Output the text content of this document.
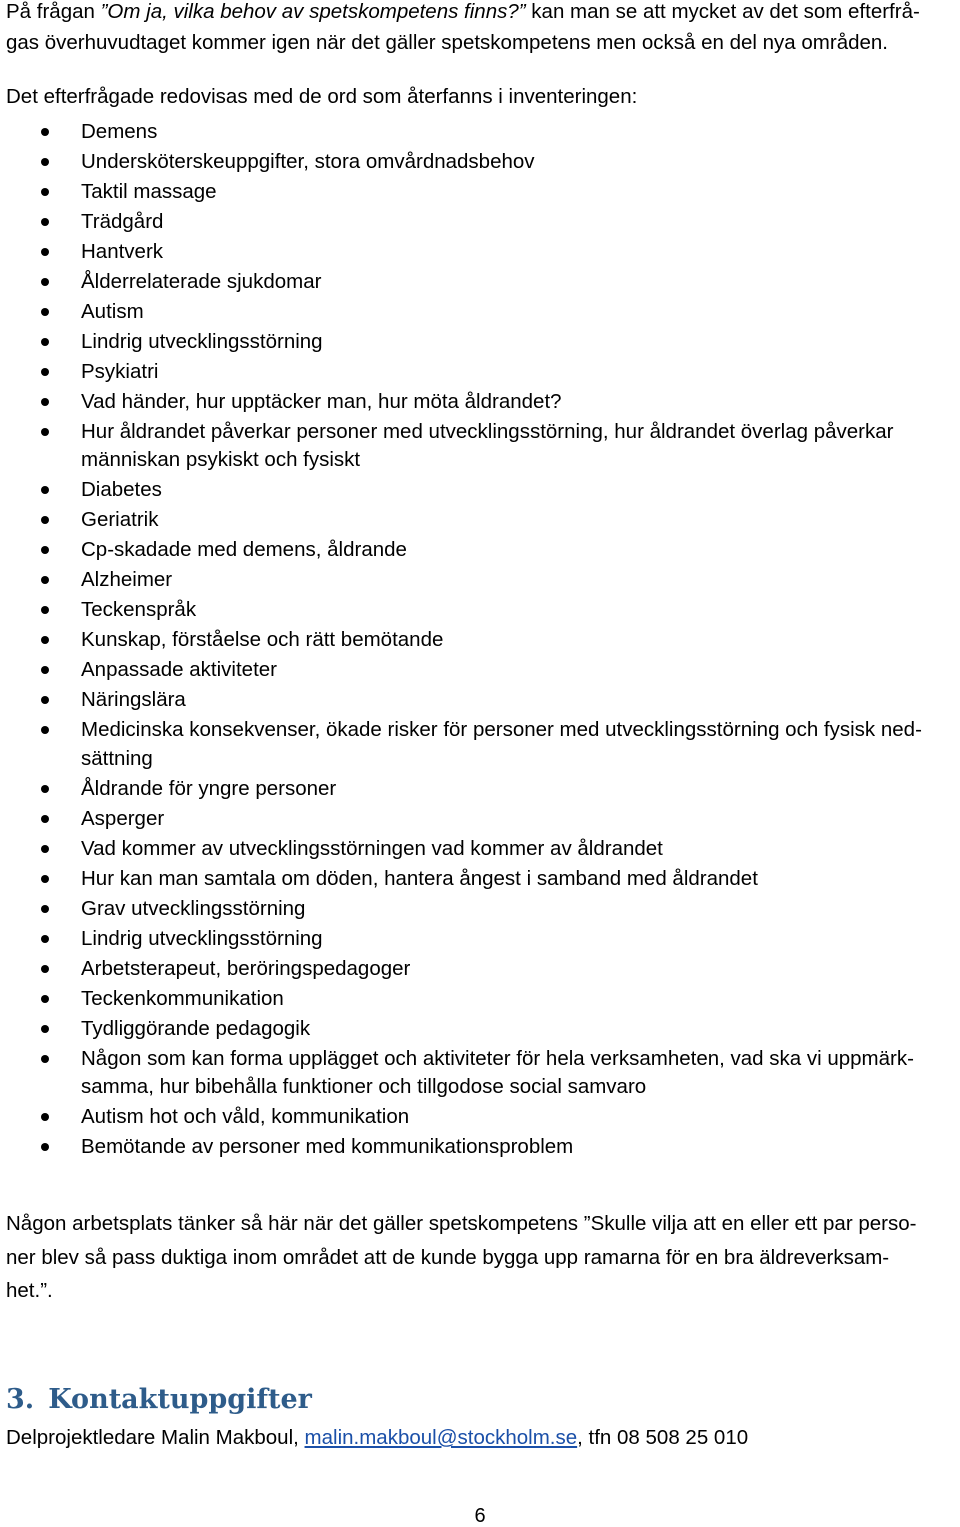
På frågan ”Om ja, vilka behov av spetskompetens finns?” kan man se att mycket av det som efterfrå-
gas överhuvudtaget kommer igen när det gäller spetskompetens men också en del nya områden.
Det efterfrågade redovisas med de ord som återfanns i inventeringen:
Demens
Undersköterskeuppgifter, stora omvårdnadsbehov
Taktil massage
Trädgård
Hantverk
Ålderrelaterade sjukdomar
Autism
Lindrig utvecklingsstörning
Psykiatri
Vad händer, hur upptäcker man, hur möta åldrandet?
Hur åldrandet påverkar personer med utvecklingsstörning, hur åldrandet överlag påverkar
människan psykiskt och fysiskt
Diabetes
Geriatrik
Cp-skadade med demens, åldrande
Alzheimer
Teckenspråk
Kunskap, förståelse och rätt bemötande
Anpassade aktiviteter
Näringslära
Medicinska konsekvenser, ökade risker för personer med utvecklingsstörning och fysisk ned-
sättning
Åldrande för yngre personer
Asperger
Vad kommer av utvecklingsstörningen vad kommer av åldrandet
Hur kan man samtala om döden, hantera ångest i samband med åldrandet
Grav utvecklingsstörning
Lindrig utvecklingsstörning
Arbetsterapeut, beröringspedagoger
Teckenkommunikation
Tydliggörande pedagogik
Någon som kan forma upplägget och aktiviteter för hela verksamheten, vad ska vi uppmärk-
samma, hur bibehålla funktioner och tillgodose social samvaro
Autism hot och våld, kommunikation
Bemötande av personer med kommunikationsproblem
Någon arbetsplats tänker så här när det gäller spetskompetens ”Skulle vilja att en eller ett par perso-
ner blev så pass duktiga inom området att de kunde bygga upp ramarna för en bra äldreverksam-
het.”.
3. Kontaktuppgifter
Delprojektledare Malin Makboul, malin.makboul@stockholm.se, tfn 08 508 25 010
6
